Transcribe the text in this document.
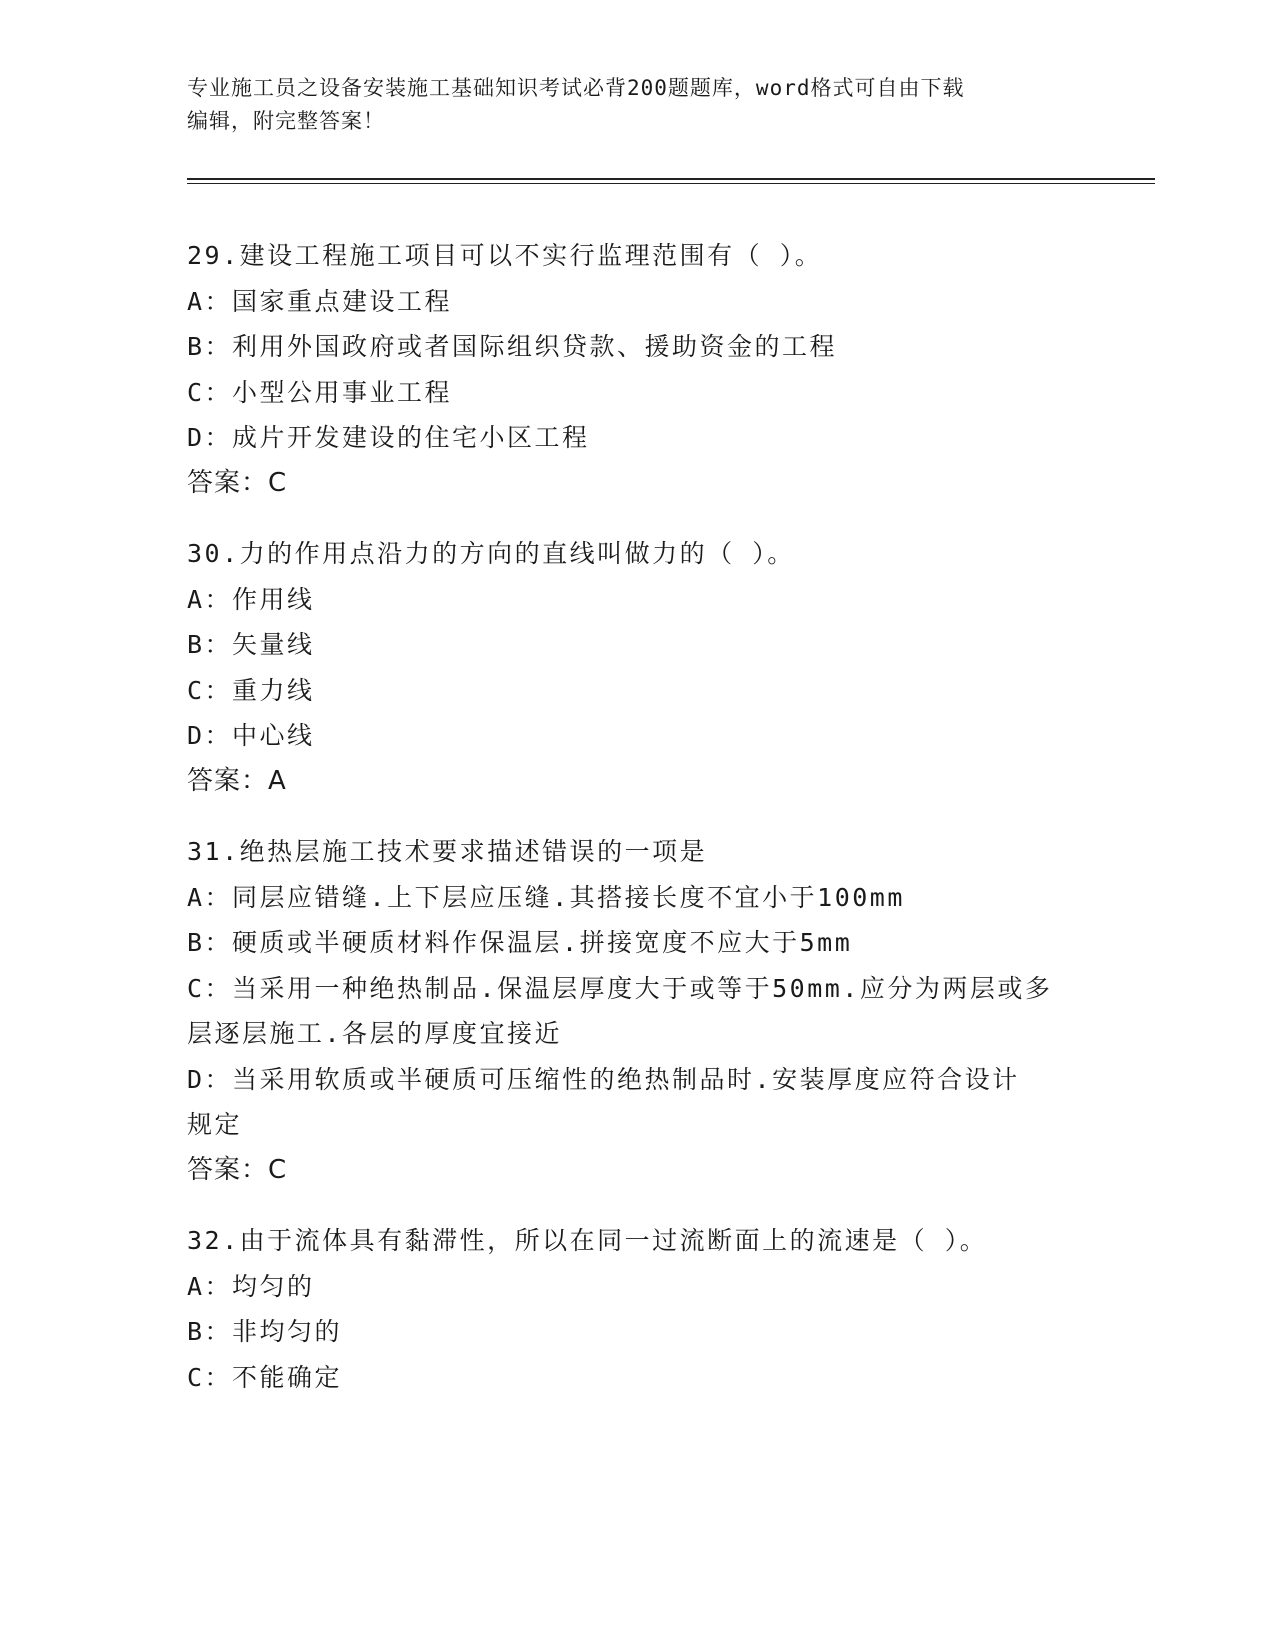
专业施工员之设备安装施工基础知识考试必背200题题库，word格式可自由下载
编辑，附完整答案！
29.建设工程施工项目可以不实行监理范围有（ ）。
A：国家重点建设工程
B：利用外国政府或者国际组织贷款、援助资金的工程
C：小型公用事业工程
D：成片开发建设的住宅小区工程
答案：C
30.力的作用点沿力的方向的直线叫做力的（ ）。
A：作用线
B：矢量线
C：重力线
D：中心线
答案：A
31.绝热层施工技术要求描述错误的一项是
A：同层应错缝.上下层应压缝.其搭接长度不宜小于100mm
B：硬质或半硬质材料作保温层.拼接宽度不应大于5mm
C：当采用一种绝热制品.保温层厚度大于或等于50mm.应分为两层或多
层逐层施工.各层的厚度宜接近
D：当采用软质或半硬质可压缩性的绝热制品时.安装厚度应符合设计
规定
答案：C
32.由于流体具有黏滞性，所以在同一过流断面上的流速是（ ）。
A：均匀的
B：非均匀的
C：不能确定
